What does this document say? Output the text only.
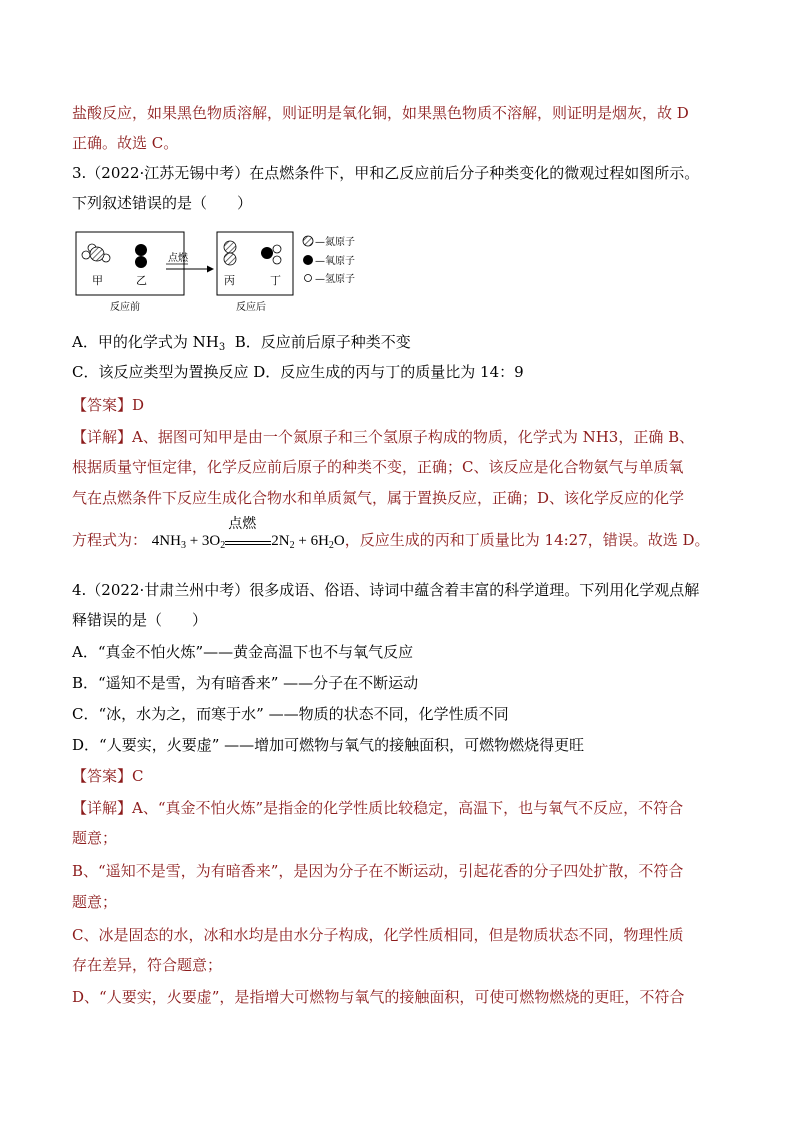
盐酸反应，如果黑色物质溶解，则证明是氧化铜，如果黑色物质不溶解，则证明是烟灰，故 D
正确。故选 C。
3.（2022·江苏无锡中考）在点燃条件下，甲和乙反应前后分子种类变化的微观过程如图所示。
下列叙述错误的是（　　）
甲	乙
反应前
点燃
丙	丁
反应后
—氮原子
—氧原子
—氢原子
A．甲的化学式为 $NH_3$  B．反应前后原子种类不变
C．该反应类型为置换反应 D．反应生成的丙与丁的质量比为 14：9
【答案】D
【详解】A、据图可知甲是由一个氮原子和三个氢原子构成的物质，化学式为 NH3，正确 B、
根据质量守恒定律，化学反应前后原子的种类不变，正确；C、该反应是化合物氨气与单质氧
气在点燃条件下反应生成化合物水和单质氮气，属于置换反应，正确；D、该化学反应的化学
方程式为： $4NH_3 + 3O_2$
点燃
$2N_2 + 6H_2O$，反应生成的丙和丁质量比为 14:27，错误。故选 D。
4.（2022·甘肃兰州中考）很多成语、俗语、诗词中蕴含着丰富的科学道理。下列用化学观点解
释错误的是（　　）
A．“真金不怕火炼”——黄金高温下也不与氧气反应
B．“遥知不是雪，为有暗香来” ——分子在不断运动
C．“冰，水为之，而寒于水” ——物质的状态不同，化学性质不同
D．“人要实，火要虚” ——增加可燃物与氧气的接触面积，可燃物燃烧得更旺
【答案】C
【详解】A、“真金不怕火炼”是指金的化学性质比较稳定，高温下，也与氧气不反应，不符合
题意；
B、“遥知不是雪，为有暗香来”，是因为分子在不断运动，引起花香的分子四处扩散，不符合
题意；
C、冰是固态的水，冰和水均是由水分子构成，化学性质相同，但是物质状态不同，物理性质
存在差异，符合题意；
D、“人要实，火要虚”，是指增大可燃物与氧气的接触面积，可使可燃物燃烧的更旺，不符合
